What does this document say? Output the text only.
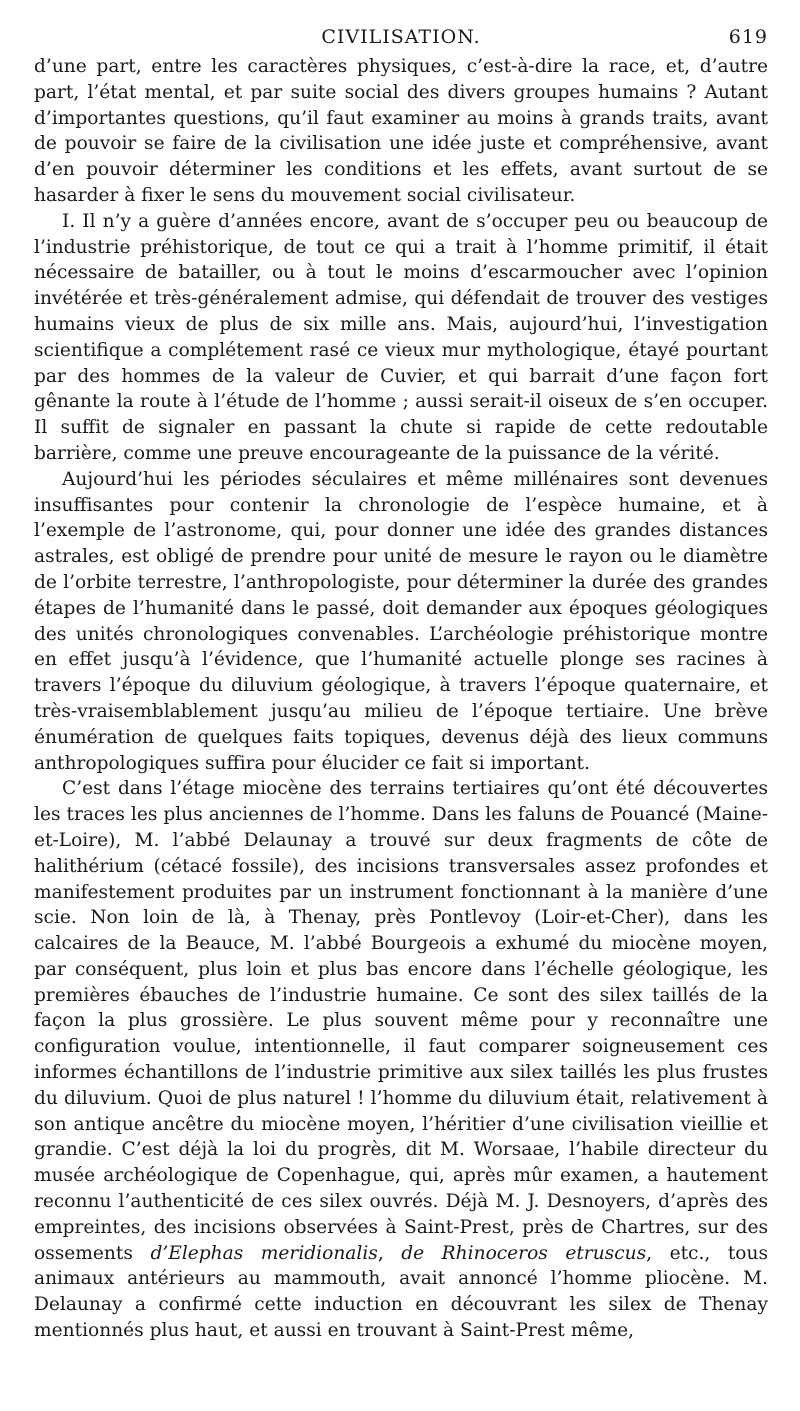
CIVILISATION.	619

d’une part, entre les caractères physiques, c’est-à-dire la race, et, d’autre part, l’état mental, et par suite social des divers groupes humains ? Autant d’importantes questions, qu’il faut examiner au moins à grands traits, avant de pouvoir se faire de la civilisation une idée juste et compréhensive, avant d’en pouvoir déterminer les conditions et les effets, avant surtout de se hasarder à fixer le sens du mouvement social civilisateur.

I. Il n’y a guère d’années encore, avant de s’occuper peu ou beaucoup de l’industrie préhistorique, de tout ce qui a trait à l’homme primitif, il était nécessaire de batailler, ou à tout le moins d’escarmoucher avec l’opinion invétérée et très-généralement admise, qui défendait de trouver des vestiges humains vieux de plus de six mille ans. Mais, aujourd’hui, l’investigation scientifique a complétement rasé ce vieux mur mythologique, étayé pourtant par des hommes de la valeur de Cuvier, et qui barrait d’une façon fort gênante la route à l’étude de l’homme ; aussi serait-il oiseux de s’en occuper. Il suffit de signaler en passant la chute si rapide de cette redoutable barrière, comme une preuve encourageante de la puissance de la vérité.

Aujourd’hui les périodes séculaires et même millénaires sont devenues insuffisantes pour contenir la chronologie de l’espèce humaine, et à l’exemple de l’astronome, qui, pour donner une idée des grandes distances astrales, est obligé de prendre pour unité de mesure le rayon ou le diamètre de l’orbite terrestre, l’anthropologiste, pour déterminer la durée des grandes étapes de l’humanité dans le passé, doit demander aux époques géologiques des unités chronologiques convenables. L’archéologie préhistorique montre en effet jusqu’à l’évidence, que l’humanité actuelle plonge ses racines à travers l’époque du diluvium géologique, à travers l’époque quaternaire, et très-vraisemblablement jusqu’au milieu de l’époque tertiaire. Une brève énumération de quelques faits topiques, devenus déjà des lieux communs anthropologiques suffira pour élucider ce fait si important.

C’est dans l’étage miocène des terrains tertiaires qu’ont été découvertes les traces les plus anciennes de l’homme. Dans les faluns de Pouancé (Maine-et-Loire), M. l’abbé Delaunay a trouvé sur deux fragments de côte de halithérium (cétacé fossile), des incisions transversales assez profondes et manifestement produites par un instrument fonctionnant à la manière d’une scie. Non loin de là, à Thenay, près Pontlevoy (Loir-et-Cher), dans les calcaires de la Beauce, M. l’abbé Bourgeois a exhumé du miocène moyen, par conséquent, plus loin et plus bas encore dans l’échelle géologique, les premières ébauches de l’industrie humaine. Ce sont des silex taillés de la façon la plus grossière. Le plus souvent même pour y reconnaître une configuration voulue, intentionnelle, il faut comparer soigneusement ces informes échantillons de l’industrie primitive aux silex taillés les plus frustes du diluvium. Quoi de plus naturel ! l’homme du diluvium était, relativement à son antique ancêtre du miocène moyen, l’héritier d’une civilisation vieillie et grandie. C’est déjà la loi du progrès, dit M. Worsaae, l’habile directeur du musée archéologique de Copenhague, qui, après mûr examen, a hautement reconnu l’authenticité de ces silex ouvrés. Déjà M. J. Desnoyers, d’après des empreintes, des incisions observées à Saint-Prest, près de Chartres, sur des ossements d’Elephas meridionalis, de Rhinoceros etruscus, etc., tous animaux antérieurs au mammouth, avait annoncé l’homme pliocène. M. Delaunay a confirmé cette induction en découvrant les silex de Thenay mentionnés plus haut, et aussi en trouvant à Saint-Prest même,
